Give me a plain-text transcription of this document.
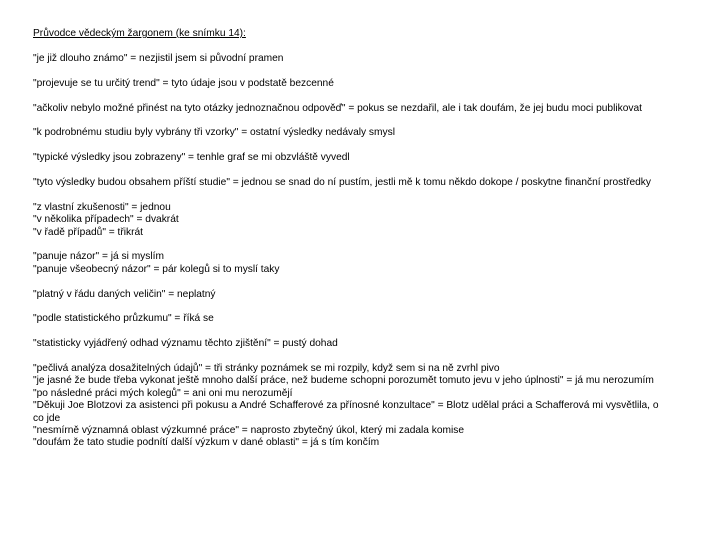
Průvodce vědeckým žargonem (ke snímku 14):
"je již dlouho známo" = nezjistil jsem si původní pramen
"projevuje se tu určitý trend" = tyto údaje jsou v podstatě bezcenné
"ačkoliv nebylo možné přinést na tyto otázky jednoznačnou odpověď" = pokus se nezdařil, ale i tak doufám, že jej budu moci publikovat
"k podrobnému studiu byly vybrány tři vzorky" = ostatní výsledky nedávaly smysl
"typické výsledky jsou zobrazeny" = tenhle graf se mi obzvláště vyvedl
"tyto výsledky budou obsahem příští studie" = jednou se snad do ní pustím, jestli mě k tomu někdo dokope / poskytne finanční prostředky
"z vlastní zkušenosti" = jednou
"v několika případech" = dvakrát
"v řadě případů" = třikrát
"panuje názor" = já si myslím
"panuje všeobecný názor" = pár kolegů si to myslí taky
"platný v řádu daných veličin" = neplatný
"podle statistického průzkumu" = říká se
"statisticky vyjádřený odhad významu těchto zjištění" = pustý dohad
"pečlivá analýza dosažitelných údajů" = tři stránky poznámek se mi rozpily, když sem si na ně zvrhl pivo
"je jasné že bude třeba vykonat ještě mnoho další práce, než budeme schopni porozumět tomuto jevu v jeho úplnosti" = já mu nerozumím
"po následné práci mých kolegů" = ani oni mu nerozumějí
"Děkuji Joe Blotzovi za asistenci při pokusu a André Schafferové za přínosné konzultace" = Blotz udělal práci a Schafferová mi vysvětlila, o co jde
"nesmírně významná oblast výzkumné práce" = naprosto zbytečný úkol, který mi zadala komise
"doufám že tato studie podnítí další výzkum v dané oblasti" = já s tím končím
